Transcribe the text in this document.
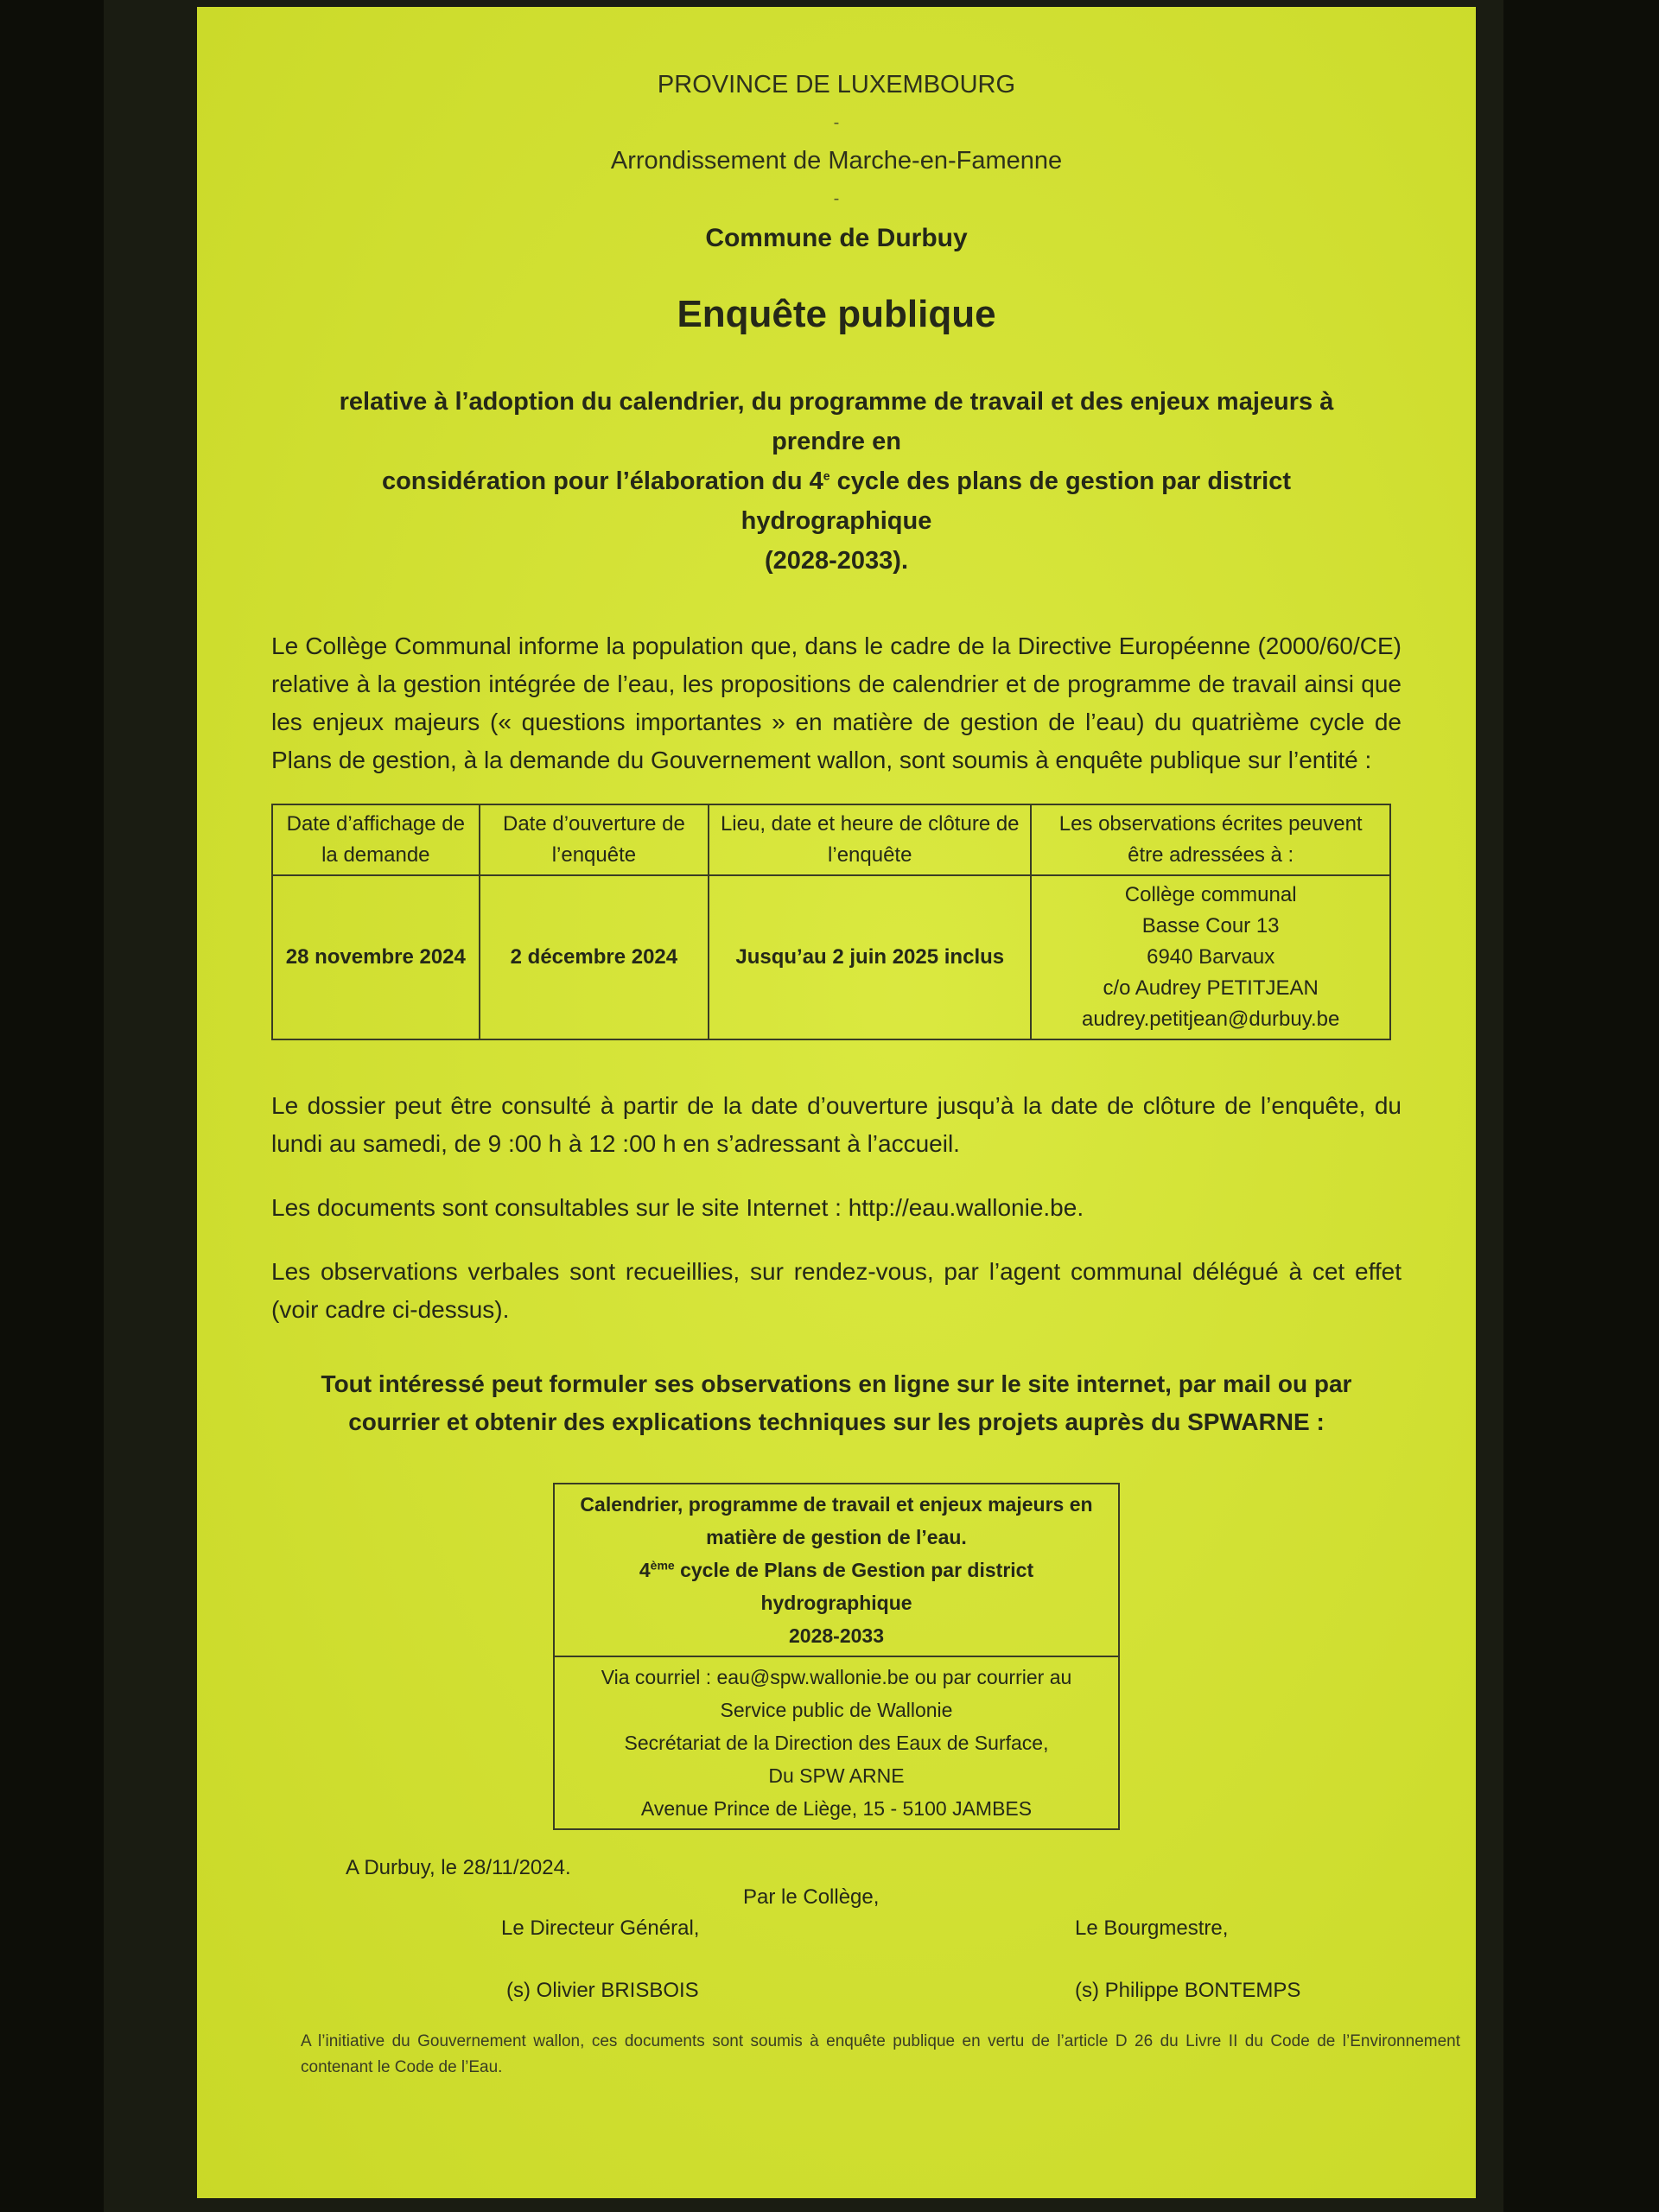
PROVINCE DE LUXEMBOURG
-
Arrondissement de Marche-en-Famenne
-
Commune de Durbuy
Enquête publique
relative à l’adoption du calendrier, du programme de travail et des enjeux majeurs à prendre en
considération pour l’élaboration du 4e cycle des plans de gestion par district hydrographique
(2028-2033).
Le Collège Communal informe la population que, dans le cadre de la Directive Européenne (2000/60/CE) relative à la gestion intégrée de l’eau, les propositions de calendrier et de programme de travail ainsi que les enjeux majeurs (« questions importantes » en matière de gestion de l’eau) du quatrième cycle de Plans de gestion, à la demande du Gouvernement wallon, sont soumis à enquête publique sur l’entité :
Date d’affichage de la demande	Date d’ouverture de l’enquête	Lieu, date et heure de clôture de l’enquête	Les observations écrites peuvent être adressées à :
28 novembre 2024	2 décembre 2024	Jusqu’au 2 juin 2025 inclus	Collège communal
Basse Cour 13
6940 Barvaux
c/o Audrey PETITJEAN
audrey.petitjean@durbuy.be
Le dossier peut être consulté à partir de la date d’ouverture jusqu’à la date de clôture de l’enquête, du lundi au samedi, de 9 :00 h à 12 :00 h en s’adressant à l’accueil.
Les documents sont consultables sur le site Internet : http://eau.wallonie.be.
Les observations verbales sont recueillies, sur rendez-vous, par l’agent communal délégué à cet effet (voir cadre ci-dessus).
Tout intéressé peut formuler ses observations en ligne sur le site internet, par mail ou par courrier et obtenir des explications techniques sur les projets auprès du SPWARNE :
Calendrier, programme de travail et enjeux majeurs en
matière de gestion de l’eau.
4ème cycle de Plans de Gestion par district hydrographique
2028-2033

Via courriel : eau@spw.wallonie.be ou par courrier au
Service public de Wallonie
Secrétariat de la Direction des Eaux de Surface,
Du SPW ARNE
Avenue Prince de Liège, 15 - 5100 JAMBES
A Durbuy, le 28/11/2024.
Par le Collège,
Le Directeur Général,	Le Bourgmestre,
(s) Olivier BRISBOIS	(s) Philippe BONTEMPS
A l’initiative du Gouvernement wallon, ces documents sont soumis à enquête publique en vertu de l’article D 26 du Livre II du Code de l’Environnement contenant le Code de l’Eau.
